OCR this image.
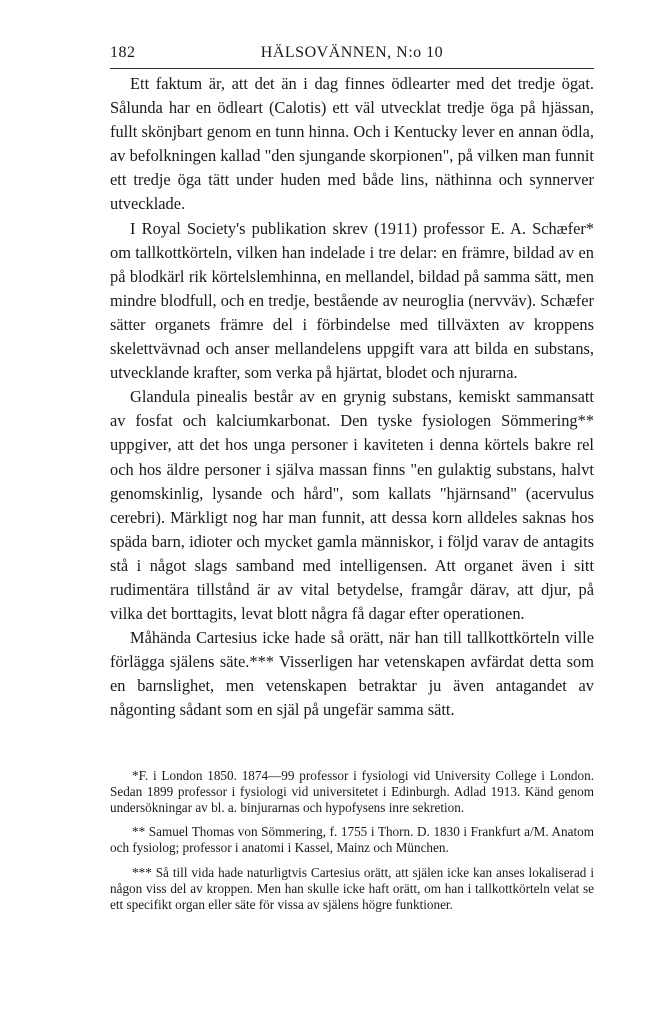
182	HÄLSOVÄNNEN, N:o 10

Ett faktum är, att det än i dag finnes ödlearter med det tredje ögat. Sålunda har en ödleart (Calotis) ett väl utvecklat tredje öga på hjässan, fullt skönjbart genom en tunn hinna. Och i Kentucky lever en annan ödla, av befolkningen kallad "den sjungande skorpionen", på vilken man funnit ett tredje öga tätt under huden med både lins, näthinna och synnerver utvecklade.

I Royal Society's publikation skrev (1911) professor E. A. Schæfer* om tallkottkörteln, vilken han indelade i tre delar: en främre, bildad av en på blodkärl rik körtelslemhinna, en mellandel, bildad på samma sätt, men mindre blodfull, och en tredje, bestående av neuroglia (nervväv). Schæfer sätter organets främre del i förbindelse med tillväxten av kroppens skelettvävnad och anser mellandelens uppgift vara att bilda en substans, utvecklande krafter, som verka på hjärtat, blodet och njurarna.

Glandula pinealis består av en grynig substans, kemiskt sammansatt av fosfat och kalciumkarbonat. Den tyske fysiologen Sömmering** uppgiver, att det hos unga personer i kaviteten i denna körtels bakre rel och hos äldre personer i själva massan finns "en gulaktig substans, halvt genomskinlig, lysande och hård", som kallats "hjärnsand" (acervulus cerebri). Märkligt nog har man funnit, att dessa korn alldeles saknas hos späda barn, idioter och mycket gamla människor, i följd varav de antagits stå i något slags samband med intelligensen. Att organet även i sitt rudimentära tillstånd är av vital betydelse, framgår därav, att djur, på vilka det borttagits, levat blott några få dagar efter operationen.

Måhända Cartesius icke hade så orätt, när han till tallkottkörteln ville förlägga själens säte.*** Visserligen har vetenskapen avfärdat detta som en barnslighet, men vetenskapen betraktar ju även antagandet av någonting sådant som en själ på ungefär samma sätt.

*F. i London 1850. 1874—99 professor i fysiologi vid University College i London. Sedan 1899 professor i fysiologi vid universitetet i Edinburgh. Adlad 1913. Känd genom undersökningar av bl. a. binjurarnas och hypofysens inre sekretion.

** Samuel Thomas von Sömmering, f. 1755 i Thorn. D. 1830 i Frankfurt a/M. Anatom och fysiolog; professor i anatomi i Kassel, Mainz och München.

*** Så till vida hade naturligtvis Cartesius orätt, att själen icke kan anses lokaliserad i någon viss del av kroppen. Men han skulle icke haft orätt, om han i tallkottkörteln velat se ett specifikt organ eller säte för vissa av själens högre funktioner.
